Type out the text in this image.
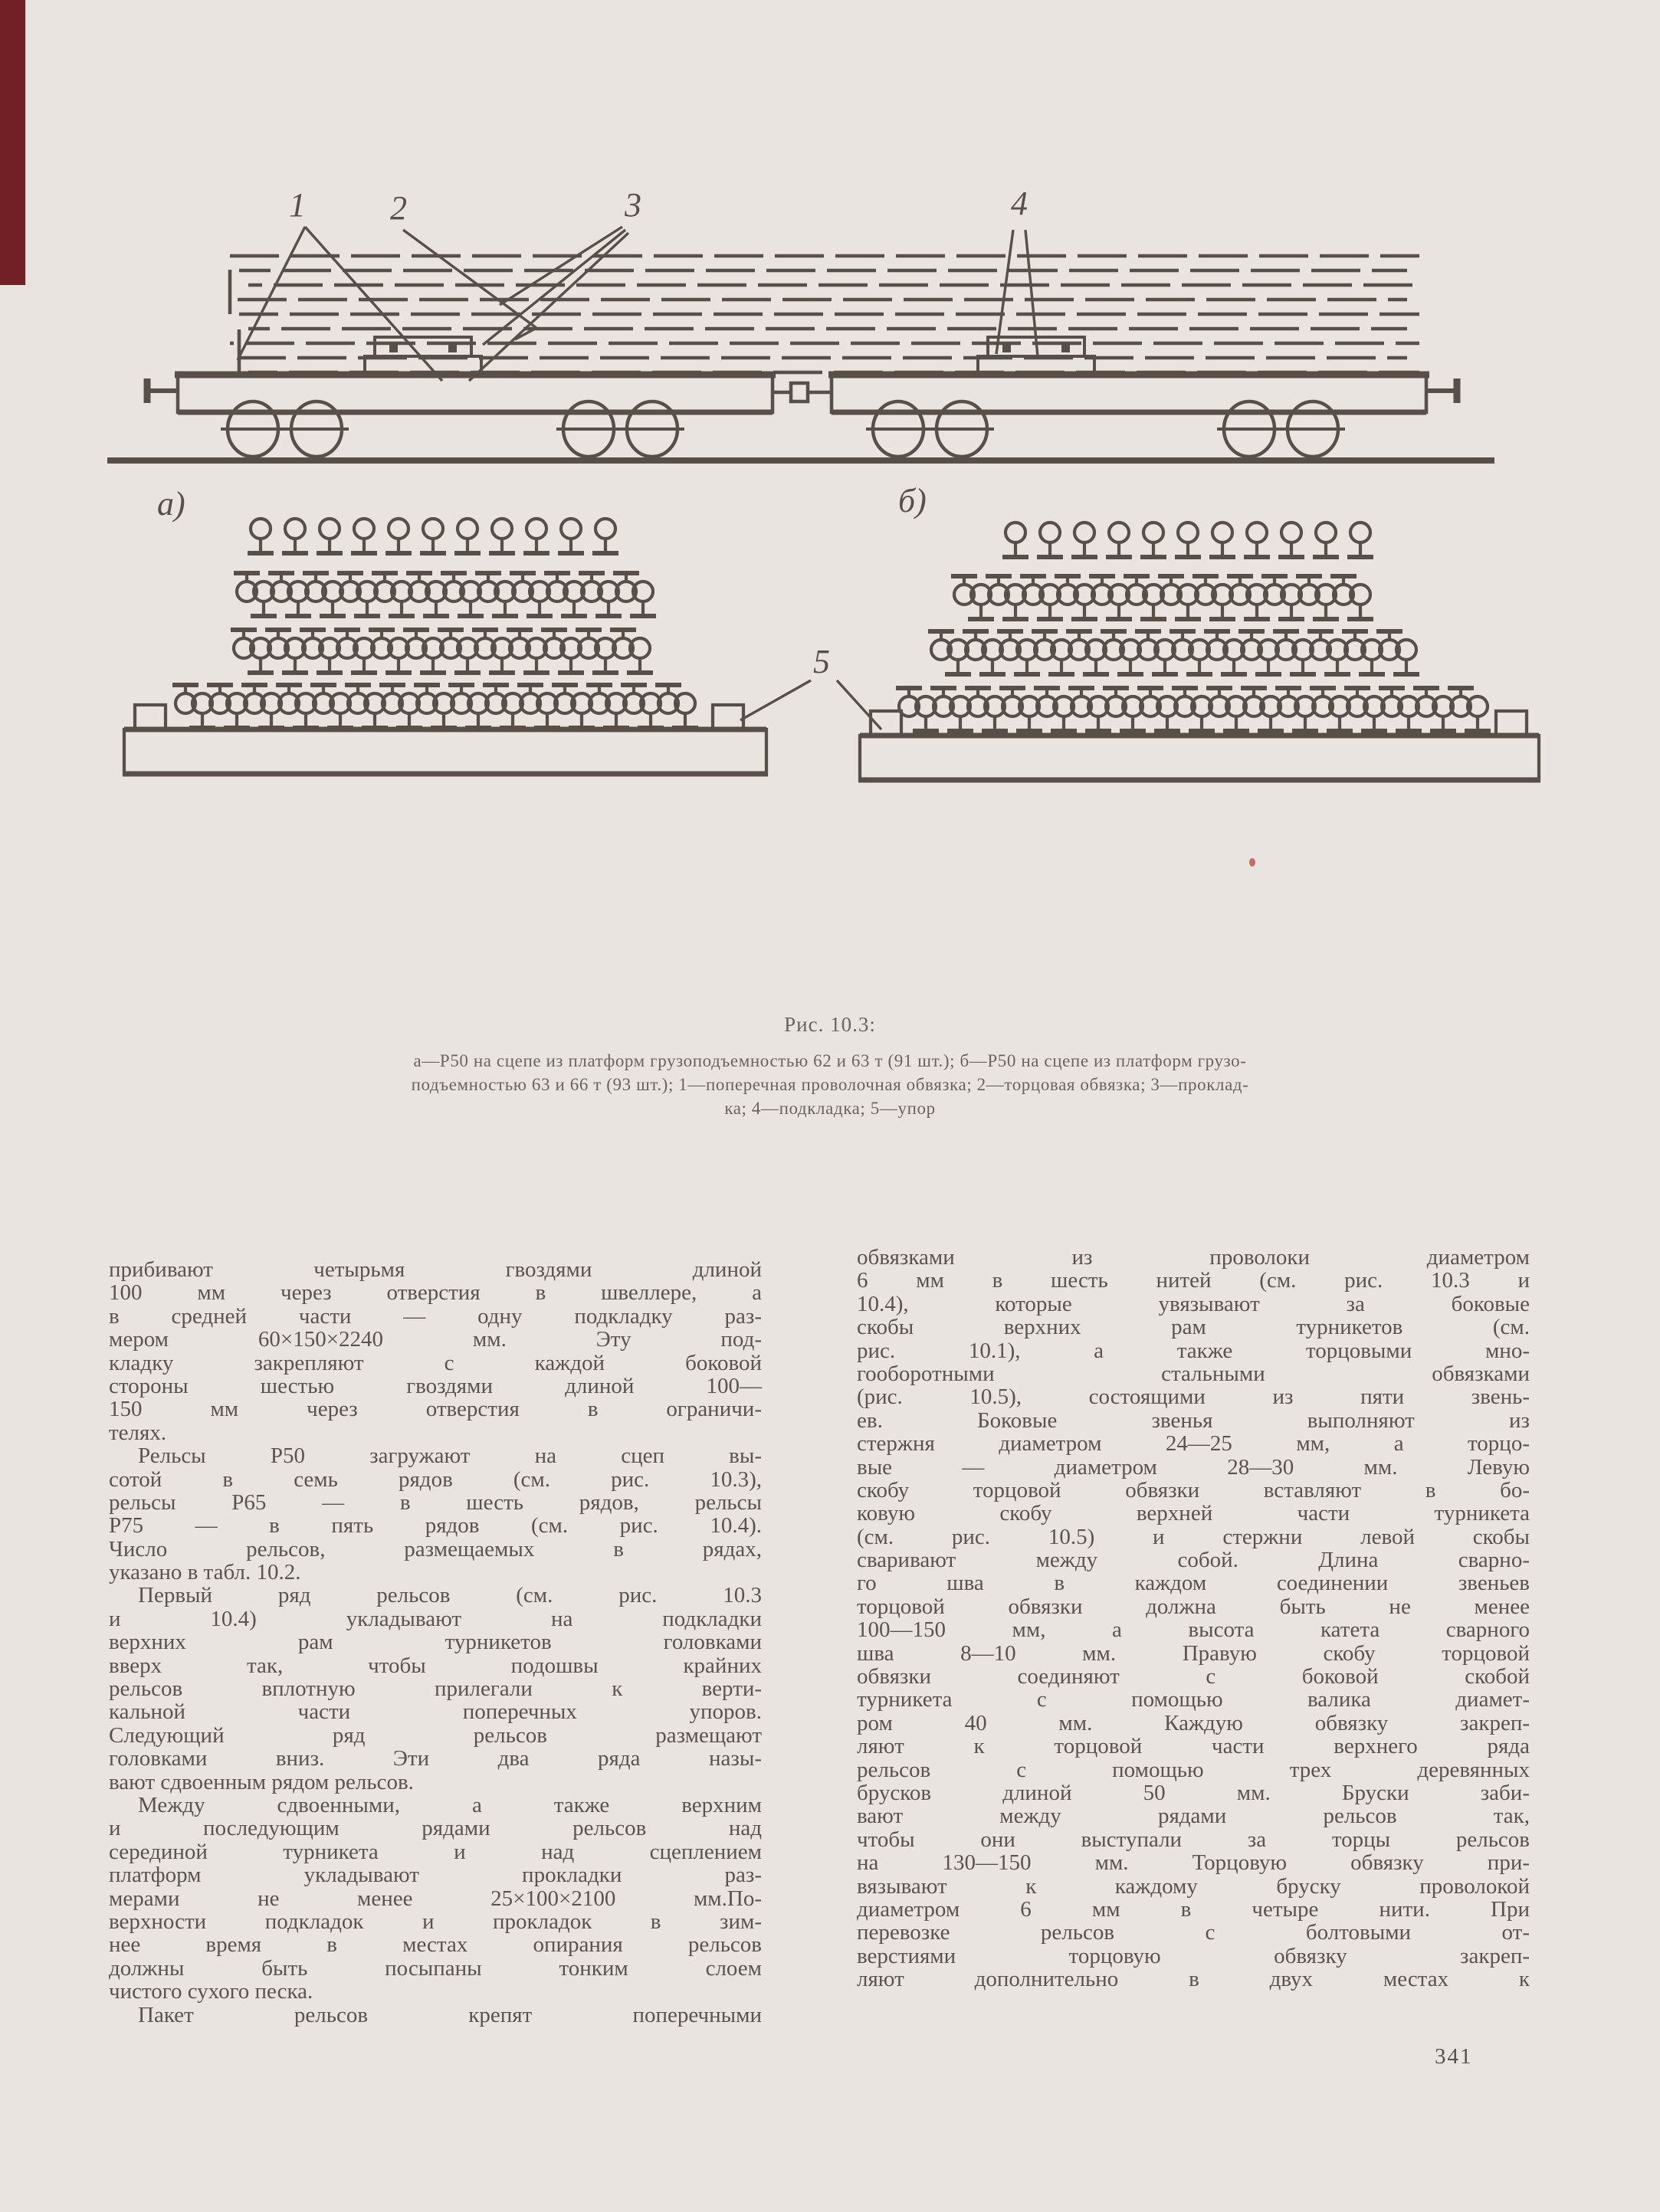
1	2	3	4
5
а)	б)
Рис. 10.3:
а—Р50 на сцепе из платформ грузоподъемностью 62 и 63 т (91 шт.); б—Р50 на сцепе из платформ грузо-
подъемностью 63 и 66 т (93 шт.); 1—поперечная проволочная обвязка; 2—торцовая обвязка; 3—проклад-
ка; 4—подкладка; 5—упор
прибивают четырьмя гвоздями длиной
100 мм через отверстия в швеллере, а
в средней части — одну подкладку раз-
мером 60×150×2240 мм. Эту под-
кладку закрепляют с каждой боковой
стороны шестью гвоздями длиной 100—
150 мм через отверстия в ограничи-
телях.
Рельсы Р50 загружают на сцеп вы-
сотой в семь рядов (см. рис. 10.3),
рельсы Р65 — в шесть рядов, рельсы
Р75 — в пять рядов (см. рис. 10.4).
Число рельсов, размещаемых в рядах,
указано в табл. 10.2.
Первый ряд рельсов (см. рис. 10.3
и 10.4) укладывают на подкладки
верхних рам турникетов головками
вверх так, чтобы подошвы крайних
рельсов вплотную прилегали к верти-
кальной части поперечных упоров.
Следующий ряд рельсов размещают
головками вниз. Эти два ряда назы-
вают сдвоенным рядом рельсов.
Между сдвоенными, а также верхним
и последующим рядами рельсов над
серединой турникета и над сцеплением
платформ укладывают прокладки раз-
мерами не менее 25×100×2100 мм.По-
верхности подкладок и прокладок в зим-
нее время в местах опирания рельсов
должны быть посыпаны тонким слоем
чистого сухого песка.
Пакет рельсов крепят поперечными
обвязками из проволоки диаметром
6 мм в шесть нитей (см. рис. 10.3 и
10.4), которые увязывают за боковые
скобы верхних рам турникетов (см.
рис. 10.1), а также торцовыми мно-
гооборотными стальными обвязками
(рис. 10.5), состоящими из пяти звень-
ев. Боковые звенья выполняют из
стержня диаметром 24—25 мм, а торцо-
вые — диаметром 28—30 мм. Левую
скобу торцовой обвязки вставляют в бо-
ковую скобу верхней части турникета
(см. рис. 10.5) и стержни левой скобы
сваривают между собой. Длина сварно-
го шва в каждом соединении звеньев
торцовой обвязки должна быть не менее
100—150 мм, а высота катета сварного
шва 8—10 мм. Правую скобу торцовой
обвязки соединяют с боковой скобой
турникета с помощью валика диамет-
ром 40 мм. Каждую обвязку закреп-
ляют к торцовой части верхнего ряда
рельсов с помощью трех деревянных
брусков длиной 50 мм. Бруски заби-
вают между рядами рельсов так,
чтобы они выступали за торцы рельсов
на 130—150 мм. Торцовую обвязку при-
вязывают к каждому бруску проволокой
диаметром 6 мм в четыре нити. При
перевозке рельсов с болтовыми от-
верстиями торцовую обвязку закреп-
ляют дополнительно в двух местах к
341
